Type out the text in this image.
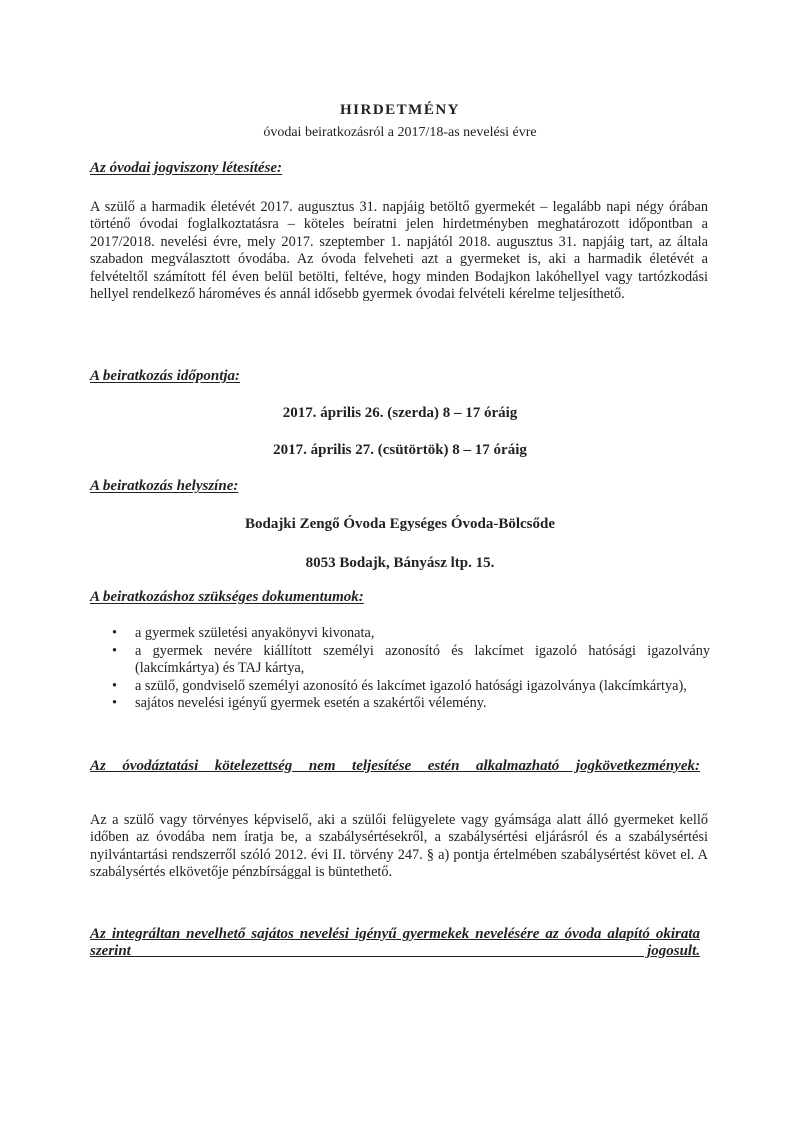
HIRDETMÉNY
óvodai beiratkozásról a 2017/18-as nevelési évre
Az óvodai jogviszony létesítése:
A szülő a harmadik életévét 2017. augusztus 31. napjáig betöltő gyermekét – legalább napi négy órában történő óvodai foglalkoztatásra – köteles beíratni jelen hirdetményben meghatározott időpontban a 2017/2018. nevelési évre, mely 2017. szeptember 1. napjától 2018. augusztus 31. napjáig tart, az általa szabadon megválasztott óvodába. Az óvoda felveheti azt a gyermeket is, aki a harmadik életévét a felvételtől számított fél éven belül betölti, feltéve, hogy minden Bodajkon lakóhellyel vagy tartózkodási hellyel rendelkező hároméves és annál idősebb gyermek óvodai felvételi kérelme teljesíthető.
A beiratkozás időpontja:
2017. április 26. (szerda) 8 – 17 óráig
2017. április 27. (csütörtök) 8 – 17 óráig
A beiratkozás helyszíne:
Bodajki Zengő Óvoda Egységes Óvoda-Bölcsőde
8053 Bodajk, Bányász ltp. 15.
A beiratkozáshoz szükséges dokumentumok:
• a gyermek születési anyakönyvi kivonata,
• a gyermek nevére kiállított személyi azonosító és lakcímet igazoló hatósági igazolvány (lakcímkártya) és TAJ kártya,
• a szülő, gondviselő személyi azonosító és lakcímet igazoló hatósági igazolványa (lakcímkártya),
• sajátos nevelési igényű gyermek esetén a szakértői vélemény.
Az óvodáztatási kötelezettség nem teljesítése estén alkalmazható jogkövetkezmények:
Az a szülő vagy törvényes képviselő, aki a szülői felügyelete vagy gyámsága alatt álló gyermeket kellő időben az óvodába nem íratja be, a szabálysértésekről, a szabálysértési eljárásról és a szabálysértési nyilvántartási rendszerről szóló 2012. évi II. törvény 247. § a) pontja értelmében szabálysértést követ el. A szabálysértés elkövetője pénzbírsággal is büntethető.
Az integráltan nevelhető sajátos nevelési igényű gyermekek nevelésére az óvoda alapító okirata szerint jogosult.
